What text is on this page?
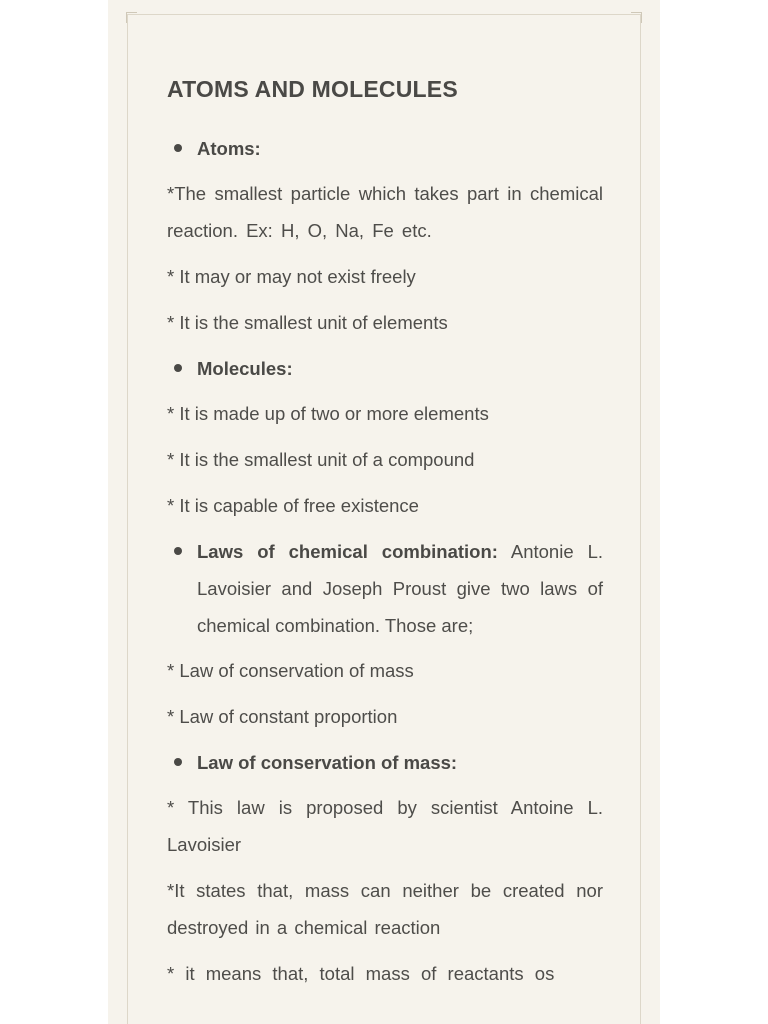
ATOMS AND MOLECULES
Atoms:
*The smallest particle which takes part in chemical reaction. Ex: H, O, Na, Fe etc.
* It may or may not exist freely
* It is the smallest unit of elements
Molecules:
* It is made up of two or more elements
* It is the smallest unit of a compound
* It is capable of free existence
Laws of chemical combination: Antonie L. Lavoisier and Joseph Proust give two laws of chemical combination. Those are;
* Law of conservation of mass
* Law of constant proportion
Law of conservation of mass:
* This law is proposed by scientist Antoine L. Lavoisier
*It states that, mass can neither be created nor destroyed in a chemical reaction
* it means that, total mass of reactants os
